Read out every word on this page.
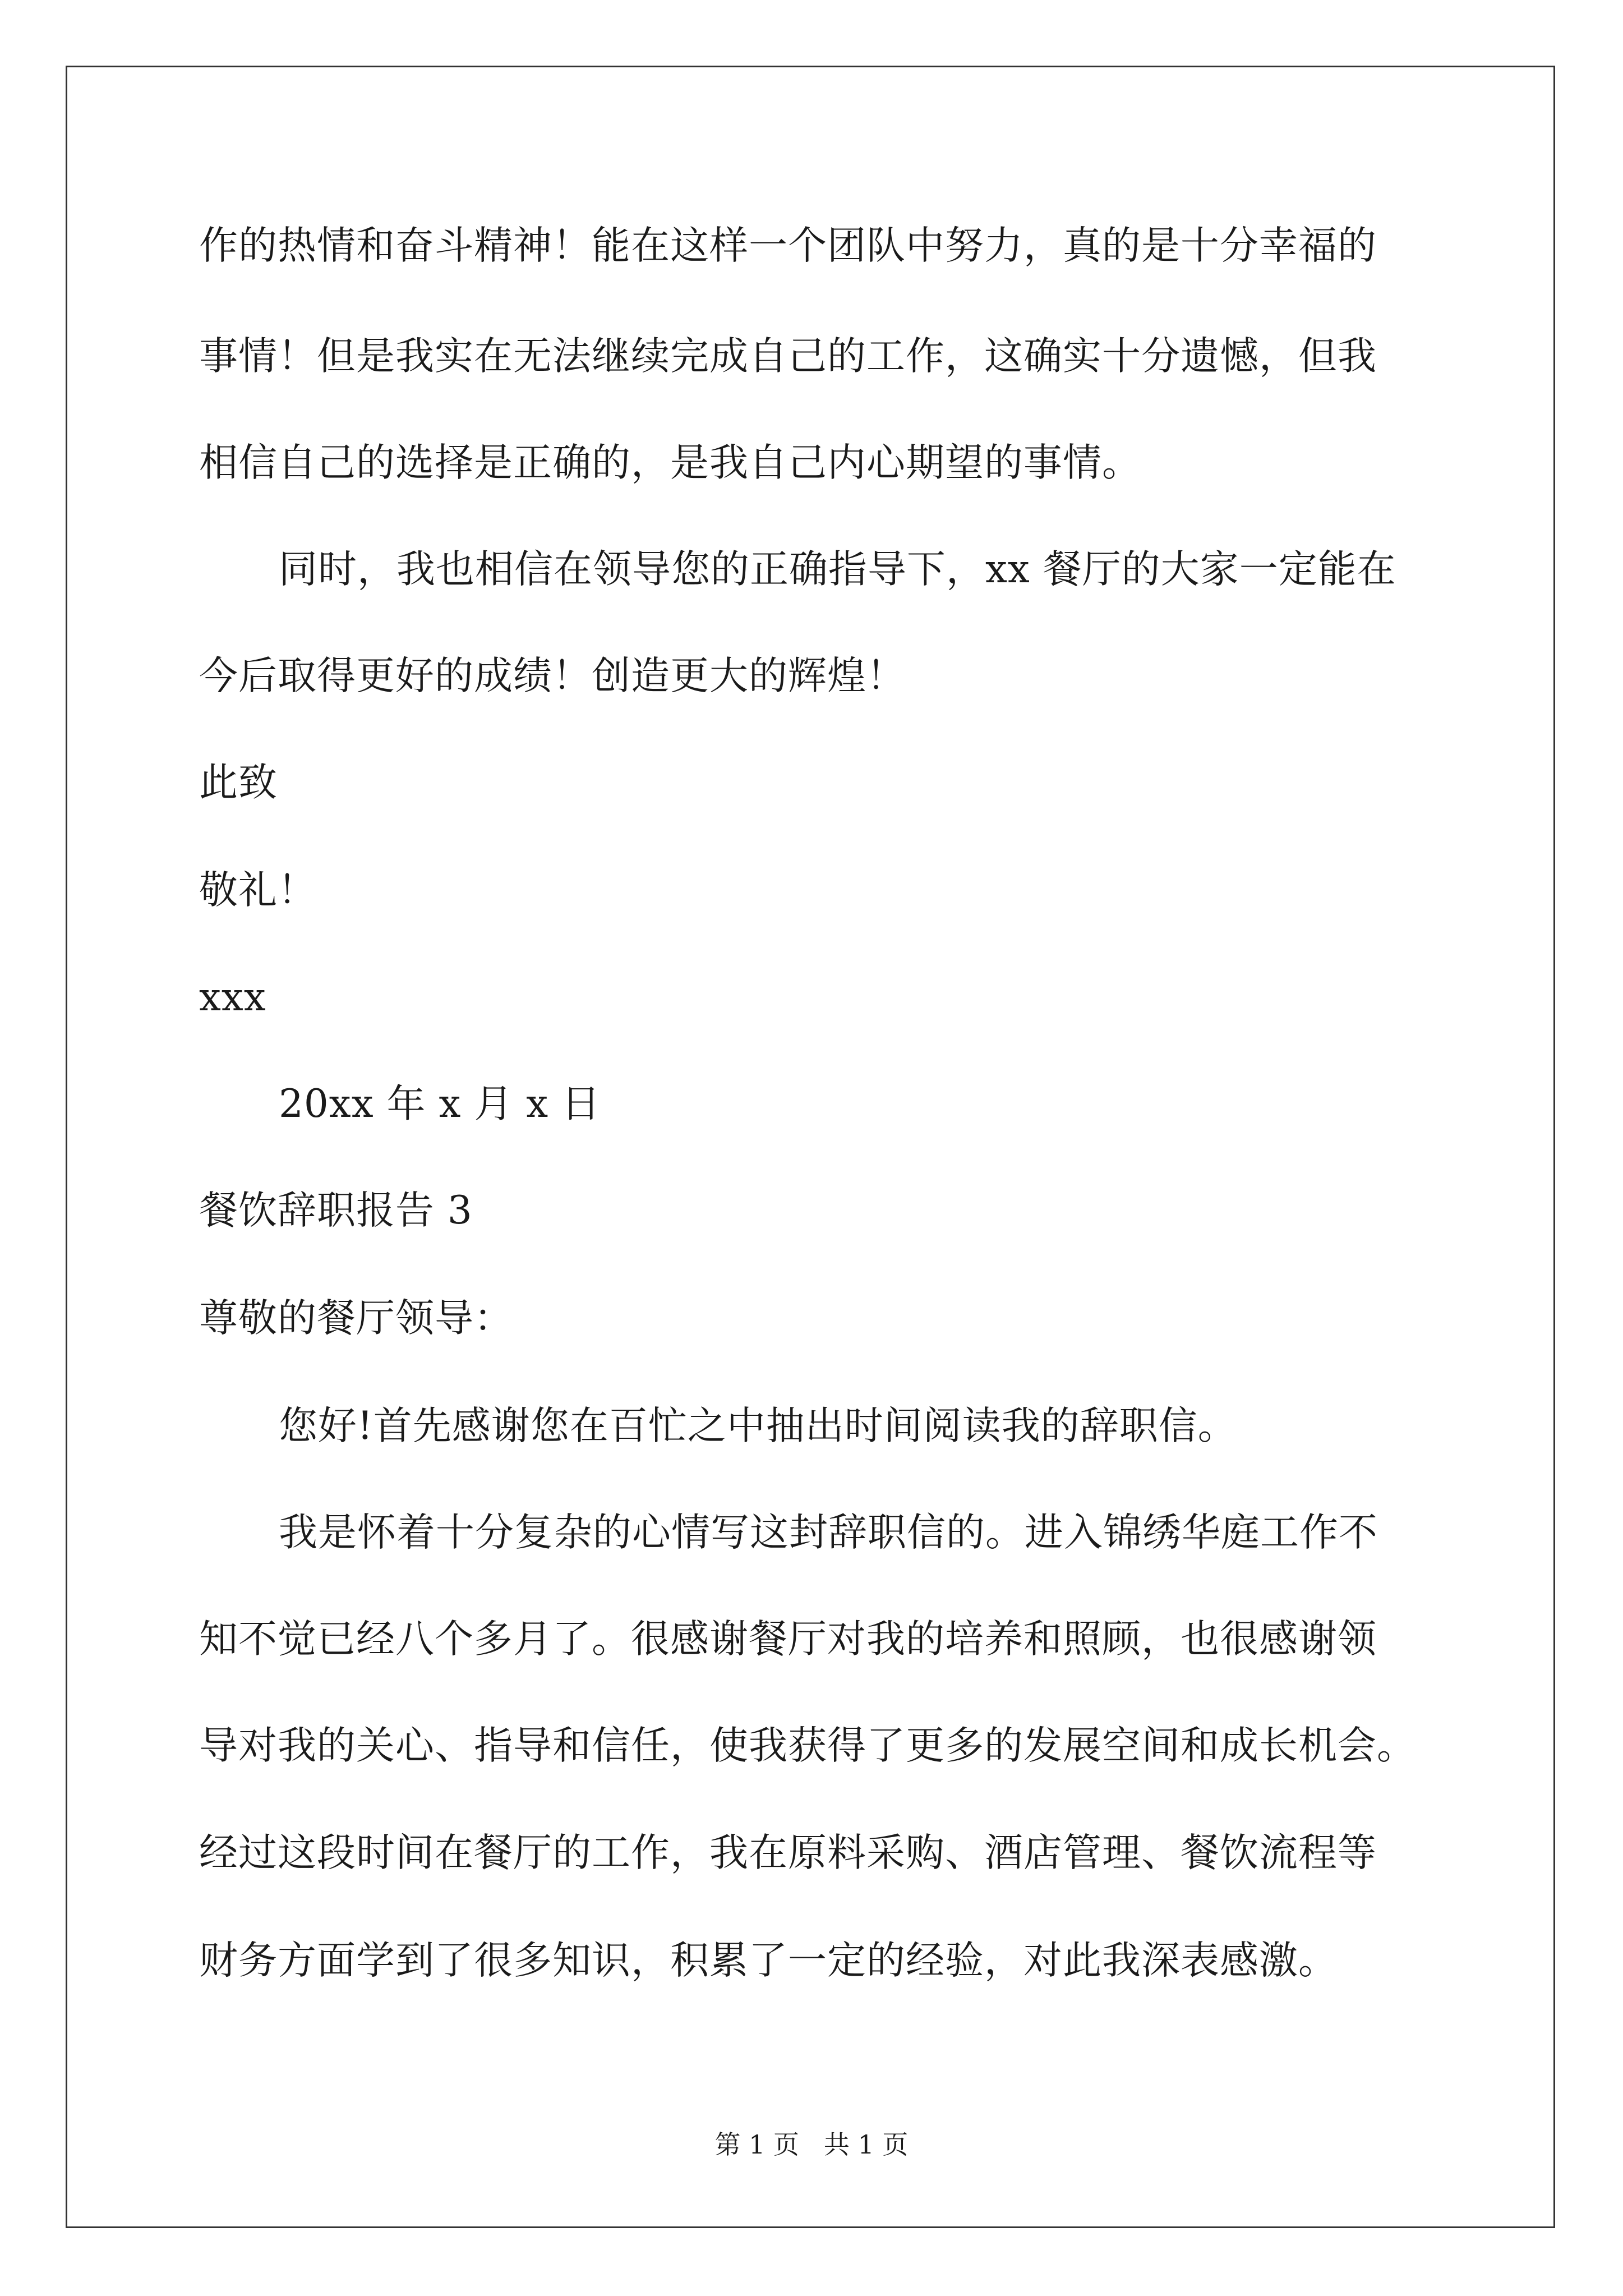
作的热情和奋斗精神！能在这样一个团队中努力，真的是十分幸福的
事情！但是我实在无法继续完成自己的工作，这确实十分遗憾，但我
相信自己的选择是正确的，是我自己内心期望的事情。
同时，我也相信在领导您的正确指导下，xx 餐厅的大家一定能在
今后取得更好的成绩！创造更大的辉煌！
此致
敬礼！
xxx
20xx 年 x 月 x 日
餐饮辞职报告 3
尊敬的餐厅领导：
您好!首先感谢您在百忙之中抽出时间阅读我的辞职信。
我是怀着十分复杂的心情写这封辞职信的。进入锦绣华庭工作不
知不觉已经八个多月了。很感谢餐厅对我的培养和照顾，也很感谢领
导对我的关心、指导和信任，使我获得了更多的发展空间和成长机会。
经过这段时间在餐厅的工作，我在原料采购、酒店管理、餐饮流程等
财务方面学到了很多知识，积累了一定的经验，对此我深表感激。
第 1 页   共 1 页
